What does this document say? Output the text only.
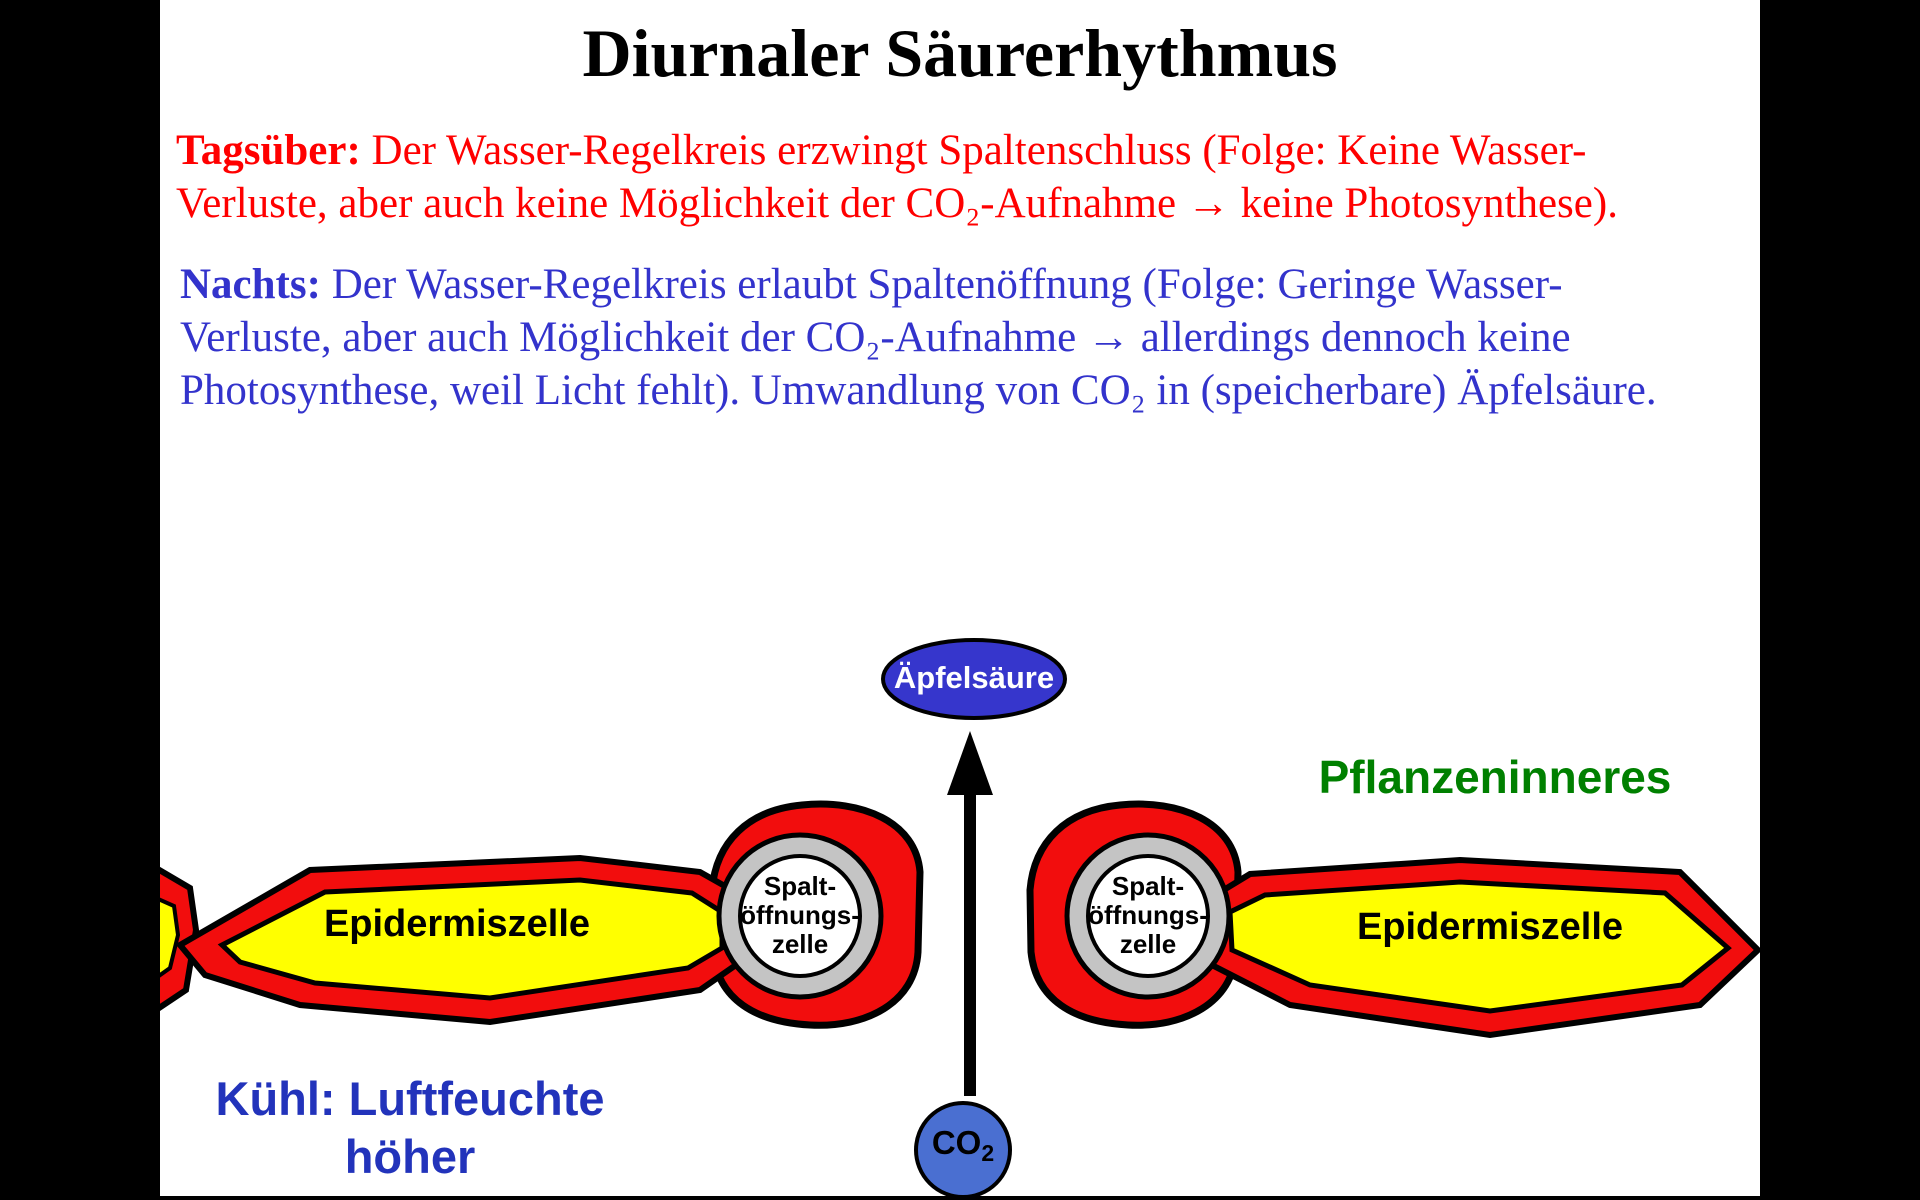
Diurnaler Säurerhythmus
Tagsüber: Der Wasser-Regelkreis erzwingt Spaltenschluss (Folge: Keine Wasser-
Verluste, aber auch keine Möglichkeit der CO₂-Aufnahme → keine Photosynthese).
Nachts: Der Wasser-Regelkreis erlaubt Spaltenöffnung (Folge: Geringe Wasser-
Verluste, aber auch Möglichkeit der CO₂-Aufnahme → allerdings dennoch keine
Photosynthese, weil Licht fehlt). Umwandlung von CO₂ in (speicherbare) Äpfelsäure.
Äpfelsäure
Pflanzeninneres
Epidermiszelle	Epidermiszelle
Spalt-
öffnungs-
zelle
Spalt-
öffnungs-
zelle
Kühl: Luftfeuchte
höher	$CO_2$
